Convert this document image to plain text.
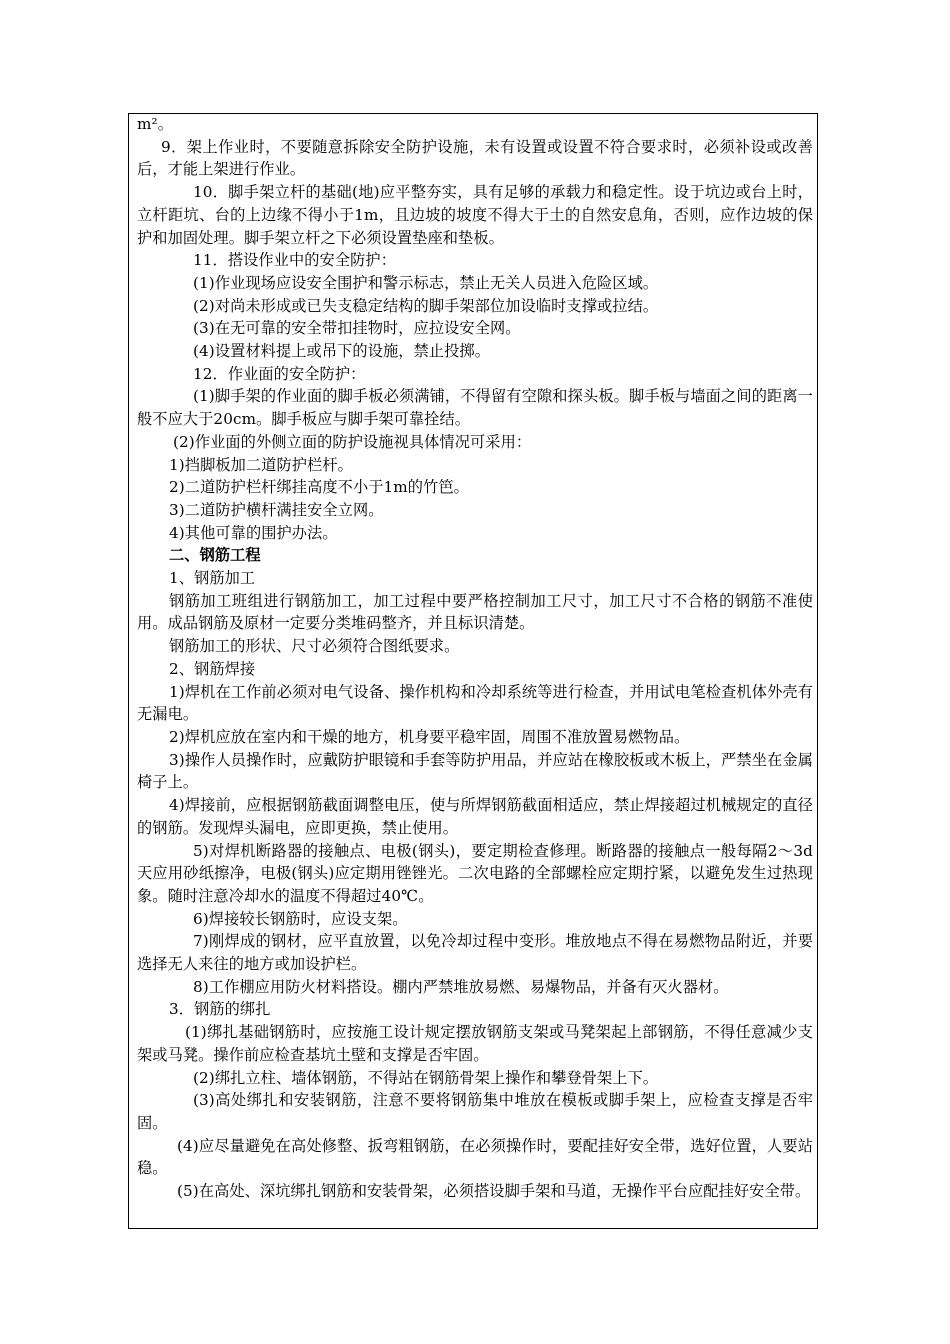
m²。

9．架上作业时，不要随意拆除安全防护设施，未有设置或设置不符合要求时，必须补设或改善后，才能上架进行作业。

10．脚手架立杆的基础(地)应平整夯实，具有足够的承载力和稳定性。设于坑边或台上时，立杆距坑、台的上边缘不得小于1m，且边坡的坡度不得大于土的自然安息角，否则，应作边坡的保护和加固处理。脚手架立杆之下必须设置垫座和垫板。

11．搭设作业中的安全防护：

(1)作业现场应设安全围护和警示标志，禁止无关人员进入危险区域。

(2)对尚未形成或已失支稳定结构的脚手架部位加设临时支撑或拉结。

(3)在无可靠的安全带扣挂物时，应拉设安全网。

(4)设置材料提上或吊下的设施，禁止投掷。

12．作业面的安全防护：

(1)脚手架的作业面的脚手板必须满铺，不得留有空隙和探头板。脚手板与墙面之间的距离一般不应大于20cm。脚手板应与脚手架可靠拴结。

(2)作业面的外侧立面的防护设施视具体情况可采用：

1)挡脚板加二道防护栏杆。

2)二道防护栏杆绑挂高度不小于1m的竹笆。

3)二道防护横杆满挂安全立网。

4)其他可靠的围护办法。

二、钢筋工程

1、钢筋加工

钢筋加工班组进行钢筋加工，加工过程中要严格控制加工尺寸，加工尺寸不合格的钢筋不准使用。成品钢筋及原材一定要分类堆码整齐，并且标识清楚。

钢筋加工的形状、尺寸必须符合图纸要求。

2、钢筋焊接

1)焊机在工作前必须对电气设备、操作机构和冷却系统等进行检查，并用试电笔检查机体外壳有无漏电。

2)焊机应放在室内和干燥的地方，机身要平稳牢固，周围不准放置易燃物品。

3)操作人员操作时，应戴防护眼镜和手套等防护用品，并应站在橡胶板或木板上，严禁坐在金属椅子上。

4)焊接前，应根据钢筋截面调整电压，使与所焊钢筋截面相适应，禁止焊接超过机械规定的直径的钢筋。发现焊头漏电，应即更换，禁止使用。

5)对焊机断路器的接触点、电极(钢头)，要定期检查修理。断路器的接触点一般每隔2～3d天应用砂纸擦净，电极(钢头)应定期用锉锉光。二次电路的全部螺栓应定期拧紧，以避免发生过热现象。随时注意冷却水的温度不得超过40℃。

6)焊接较长钢筋时，应设支架。

7)刚焊成的钢材，应平直放置，以免冷却过程中变形。堆放地点不得在易燃物品附近，并要选择无人来往的地方或加设护栏。

8)工作棚应用防火材料搭设。棚内严禁堆放易燃、易爆物品，并备有灭火器材。

3．钢筋的绑扎

(1)绑扎基础钢筋时，应按施工设计规定摆放钢筋支架或马凳架起上部钢筋，不得任意减少支架或马凳。操作前应检查基坑土壁和支撑是否牢固。

(2)绑扎立柱、墙体钢筋，不得站在钢筋骨架上操作和攀登骨架上下。

(3)高处绑扎和安装钢筋，注意不要将钢筋集中堆放在模板或脚手架上，应检查支撑是否牢固。

(4)应尽量避免在高处修整、扳弯粗钢筋，在必须操作时，要配挂好安全带，选好位置，人要站稳。

(5)在高处、深坑绑扎钢筋和安装骨架，必须搭设脚手架和马道，无操作平台应配挂好安全带。
